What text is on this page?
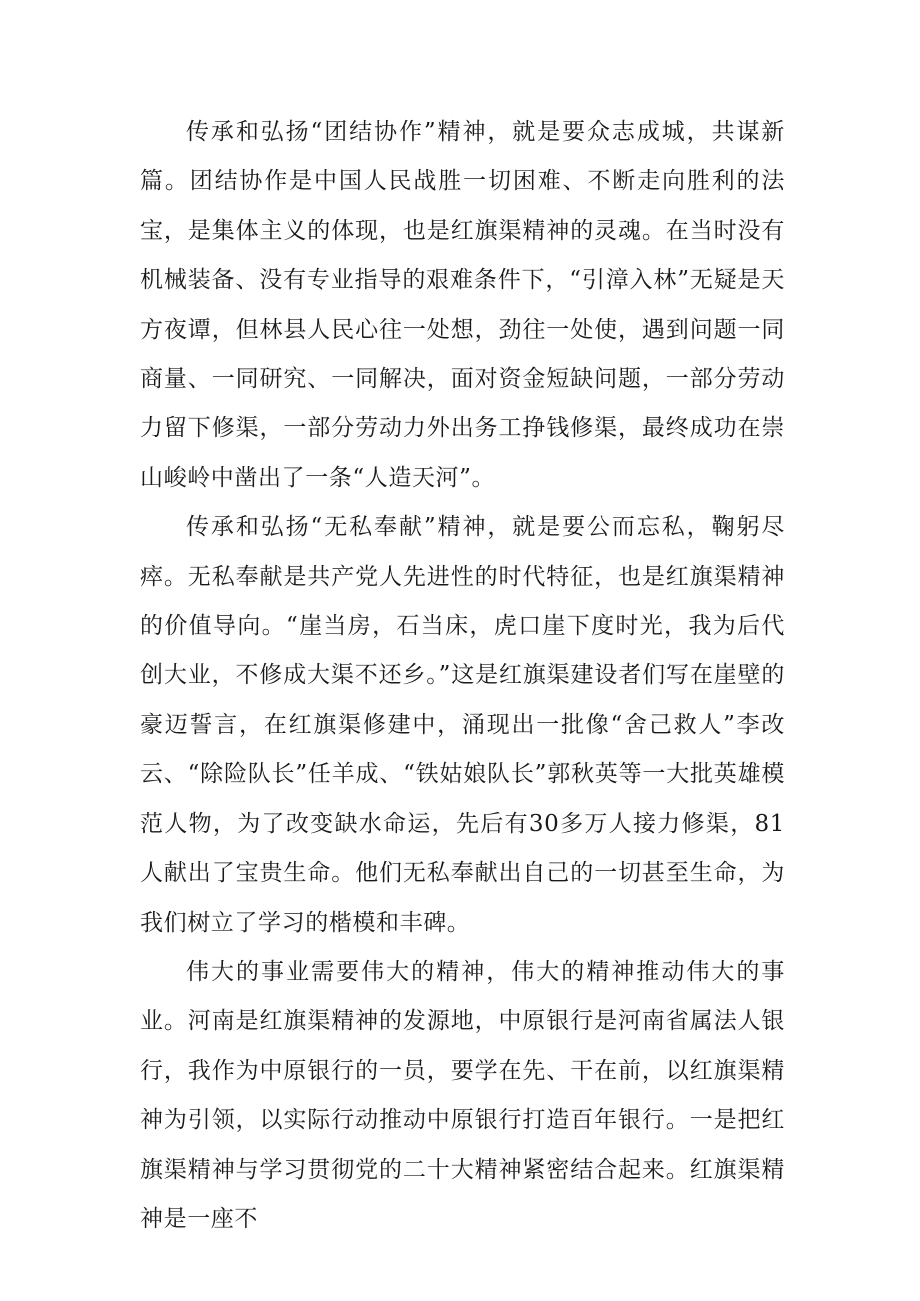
传承和弘扬“团结协作”精神，就是要众志成城，共谋新篇。团结协作是中国人民战胜一切困难、不断走向胜利的法宝，是集体主义的体现，也是红旗渠精神的灵魂。在当时没有机械装备、没有专业指导的艰难条件下，“引漳入林”无疑是天方夜谭，但林县人民心往一处想，劲往一处使，遇到问题一同商量、一同研究、一同解决，面对资金短缺问题，一部分劳动力留下修渠，一部分劳动力外出务工挣钱修渠，最终成功在崇山峻岭中凿出了一条“人造天河”。

传承和弘扬“无私奉献”精神，就是要公而忘私，鞠躬尽瘁。无私奉献是共产党人先进性的时代特征，也是红旗渠精神的价值导向。“崖当房，石当床，虎口崖下度时光，我为后代创大业，不修成大渠不还乡。”这是红旗渠建设者们写在崖壁的豪迈誓言，在红旗渠修建中，涌现出一批像“舍己救人”李改云、“除险队长”任羊成、“铁姑娘队长”郭秋英等一大批英雄模范人物，为了改变缺水命运，先后有30多万人接力修渠，81人献出了宝贵生命。他们无私奉献出自己的一切甚至生命，为我们树立了学习的楷模和丰碑。

伟大的事业需要伟大的精神，伟大的精神推动伟大的事业。河南是红旗渠精神的发源地，中原银行是河南省属法人银行，我作为中原银行的一员，要学在先、干在前，以红旗渠精神为引领，以实际行动推动中原银行打造百年银行。一是把红旗渠精神与学习贯彻党的二十大精神紧密结合起来。红旗渠精神是一座不
